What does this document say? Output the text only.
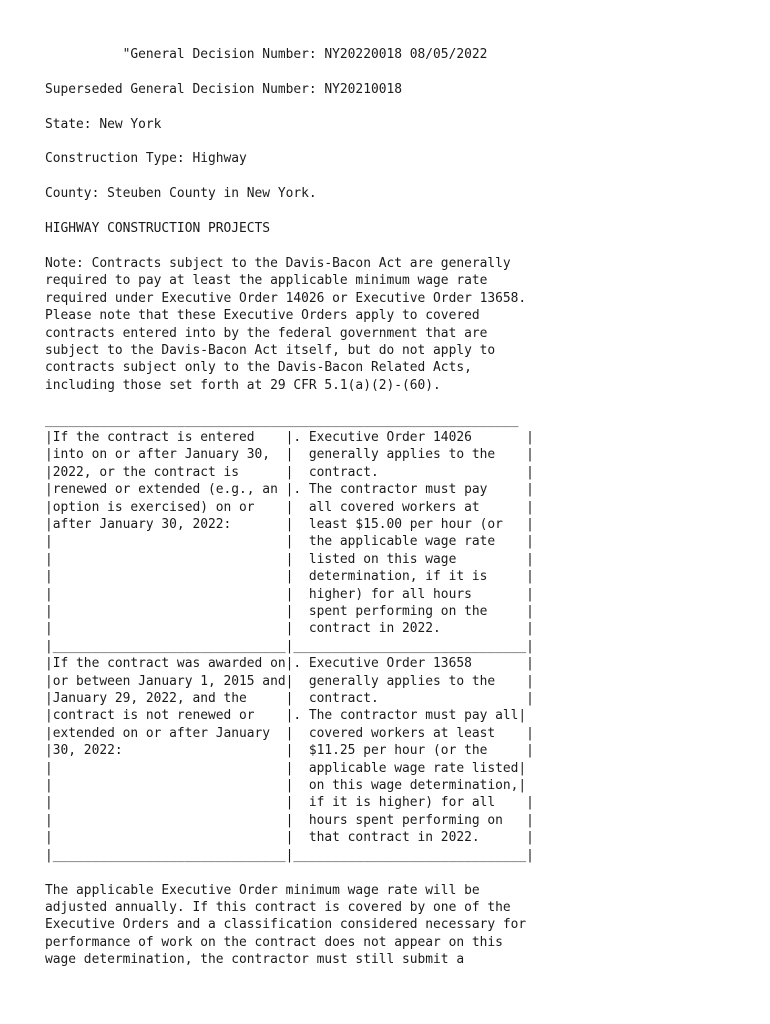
"General Decision Number: NY20220018 08/05/2022

Superseded General Decision Number: NY20210018

State: New York

Construction Type: Highway

County: Steuben County in New York.

HIGHWAY CONSTRUCTION PROJECTS

Note: Contracts subject to the Davis-Bacon Act are generally
required to pay at least the applicable minimum wage rate
required under Executive Order 14026 or Executive Order 13658.
Please note that these Executive Orders apply to covered
contracts entered into by the federal government that are
subject to the Davis-Bacon Act itself, but do not apply to
contracts subject only to the Davis-Bacon Related Acts,
including those set forth at 29 CFR 5.1(a)(2)-(60).

_____________________________________________________________
|If the contract is entered    |. Executive Order 14026       |
|into on or after January 30,  |  generally applies to the    |
|2022, or the contract is      |  contract.                   |
|renewed or extended (e.g., an |. The contractor must pay     |
|option is exercised) on or    |  all covered workers at      |
|after January 30, 2022:       |  least $15.00 per hour (or   |
|                              |  the applicable wage rate    |
|                              |  listed on this wage         |
|                              |  determination, if it is     |
|                              |  higher) for all hours       |
|                              |  spent performing on the     |
|                              |  contract in 2022.           |
|______________________________|______________________________|
|If the contract was awarded on|. Executive Order 13658       |
|or between January 1, 2015 and|  generally applies to the    |
|January 29, 2022, and the     |  contract.                   |
|contract is not renewed or    |. The contractor must pay all|
|extended on or after January  |  covered workers at least    |
|30, 2022:                     |  $11.25 per hour (or the     |
|                              |  applicable wage rate listed|
|                              |  on this wage determination,|
|                              |  if it is higher) for all    |
|                              |  hours spent performing on   |
|                              |  that contract in 2022.      |
|______________________________|______________________________|

The applicable Executive Order minimum wage rate will be
adjusted annually. If this contract is covered by one of the
Executive Orders and a classification considered necessary for
performance of work on the contract does not appear on this
wage determination, the contractor must still submit a
